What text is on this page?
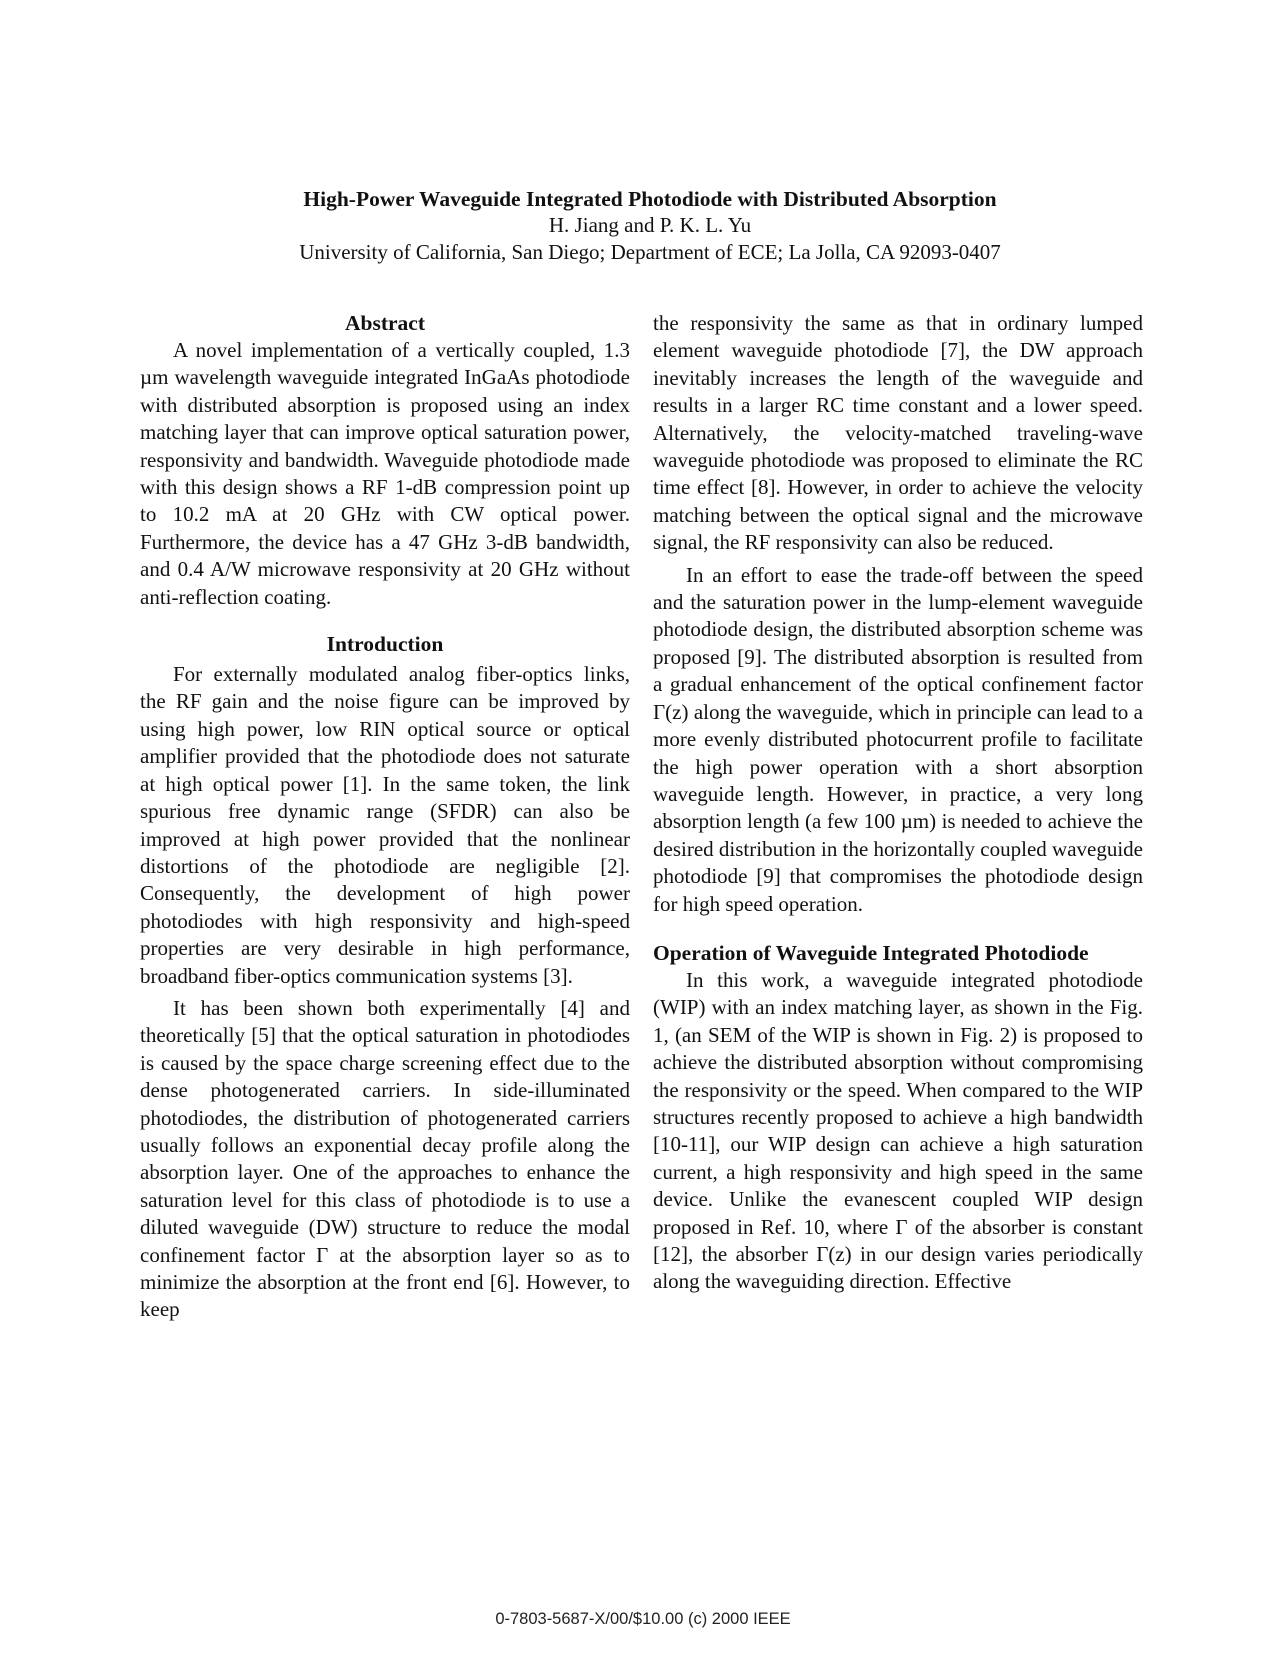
High-Power Waveguide Integrated Photodiode with Distributed Absorption
H. Jiang and P. K. L. Yu
University of California, San Diego; Department of ECE; La Jolla, CA 92093-0407
Abstract

A novel implementation of a vertically coupled, 1.3 µm wavelength waveguide integrated InGaAs photodiode with distributed absorption is proposed using an index matching layer that can improve optical saturation power, responsivity and bandwidth. Waveguide photodiode made with this design shows a RF 1-dB compression point up to 10.2 mA at 20 GHz with CW optical power. Furthermore, the device has a 47 GHz 3-dB bandwidth, and 0.4 A/W microwave responsivity at 20 GHz without anti-reflection coating.

Introduction

For externally modulated analog fiber-optics links, the RF gain and the noise figure can be improved by using high power, low RIN optical source or optical amplifier provided that the photodiode does not saturate at high optical power [1]. In the same token, the link spurious free dynamic range (SFDR) can also be improved at high power provided that the nonlinear distortions of the photodiode are negligible [2]. Consequently, the development of high power photodiodes with high responsivity and high-speed properties are very desirable in high performance, broadband fiber-optics communication systems [3].

It has been shown both experimentally [4] and theoretically [5] that the optical saturation in photodiodes is caused by the space charge screening effect due to the dense photogenerated carriers. In side-illuminated photodiodes, the distribution of photogenerated carriers usually follows an exponential decay profile along the absorption layer. One of the approaches to enhance the saturation level for this class of photodiode is to use a diluted waveguide (DW) structure to reduce the modal confinement factor Γ at the absorption layer so as to minimize the absorption at the front end [6]. However, to keep

the responsivity the same as that in ordinary lumped element waveguide photodiode [7], the DW approach inevitably increases the length of the waveguide and results in a larger RC time constant and a lower speed. Alternatively, the velocity-matched traveling-wave waveguide photodiode was proposed to eliminate the RC time effect [8]. However, in order to achieve the velocity matching between the optical signal and the microwave signal, the RF responsivity can also be reduced.

In an effort to ease the trade-off between the speed and the saturation power in the lump-element waveguide photodiode design, the distributed absorption scheme was proposed [9]. The distributed absorption is resulted from a gradual enhancement of the optical confinement factor Γ(z) along the waveguide, which in principle can lead to a more evenly distributed photocurrent profile to facilitate the high power operation with a short absorption waveguide length. However, in practice, a very long absorption length (a few 100 µm) is needed to achieve the desired distribution in the horizontally coupled waveguide photodiode [9] that compromises the photodiode design for high speed operation.

Operation of Waveguide Integrated Photodiode

In this work, a waveguide integrated photodiode (WIP) with an index matching layer, as shown in the Fig. 1, (an SEM of the WIP is shown in Fig. 2) is proposed to achieve the distributed absorption without compromising the responsivity or the speed. When compared to the WIP structures recently proposed to achieve a high bandwidth [10-11], our WIP design can achieve a high saturation current, a high responsivity and high speed in the same device. Unlike the evanescent coupled WIP design proposed in Ref. 10, where Γ of the absorber is constant [12], the absorber Γ(z) in our design varies periodically along the waveguiding direction. Effective

0-7803-5687-X/00/$10.00 (c) 2000 IEEE
